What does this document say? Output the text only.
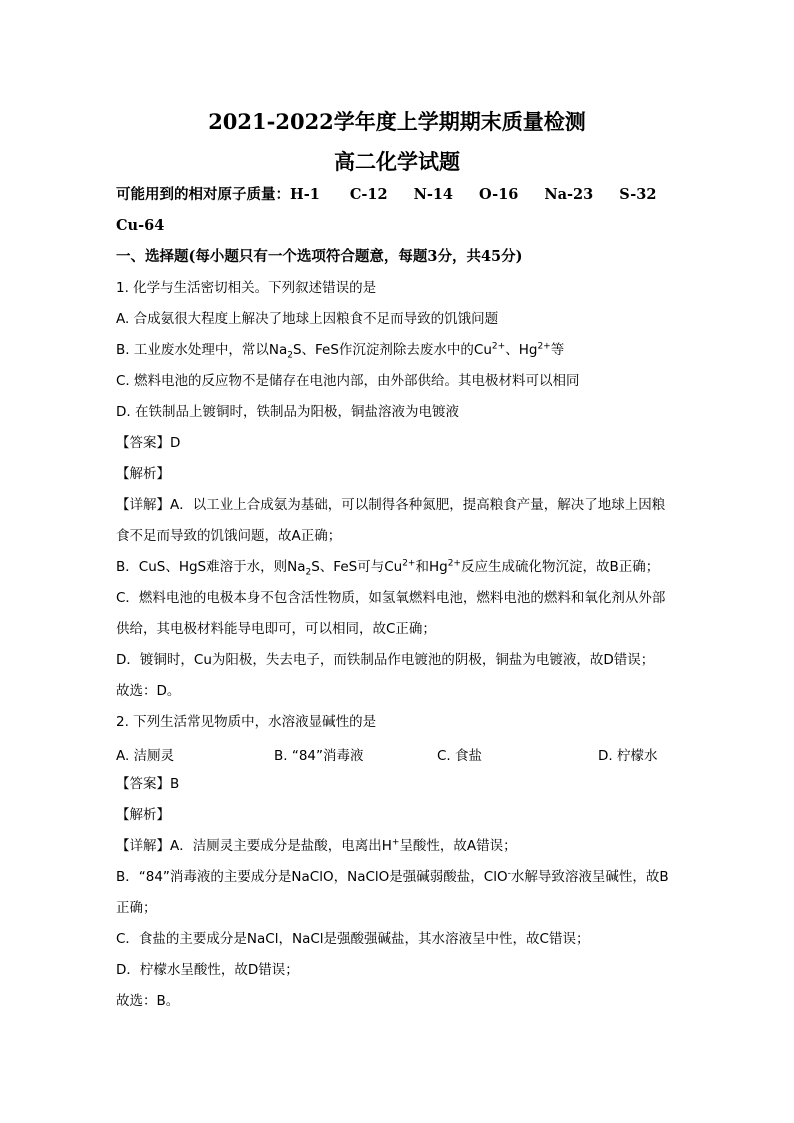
2021-2022学年度上学期期末质量检测
高二化学试题
可能用到的相对原子质量：H-1 C-12 N-14 O-16 Na-23 S-32
Cu-64
一、选择题(每小题只有一个选项符合题意，每题3分，共45分)
1. 化学与生活密切相关。下列叙述错误的是
A. 合成氨很大程度上解决了地球上因粮食不足而导致的饥饿问题
B. 工业废水处理中，常以$Na_2S$、FeS作沉淀剂除去废水中的$Cu^{2+}$、$Hg^{2+}$等
C. 燃料电池的反应物不是储存在电池内部，由外部供给。其电极材料可以相同
D. 在铁制品上镀铜时，铁制品为阳极，铜盐溶液为电镀液
【答案】D
【解析】
【详解】A．以工业上合成氨为基础，可以制得各种氮肥，提高粮食产量，解决了地球上因粮
食不足而导致的饥饿问题，故A正确；
B．CuS、HgS难溶于水，则$Na_2S$、FeS可与$Cu^{2+}$和$Hg^{2+}$反应生成硫化物沉淀，故B正确；
C．燃料电池的电极本身不包含活性物质，如氢氧燃料电池，燃料电池的燃料和氧化剂从外部
供给，其电极材料能导电即可，可以相同，故C正确；
D．镀铜时，Cu为阳极，失去电子，而铁制品作电镀池的阴极，铜盐为电镀液，故D错误；
故选：D。
2. 下列生活常见物质中，水溶液显碱性的是
A. 洁厕灵	B. “84”消毒液	C. 食盐	D. 柠檬水
【答案】B
【解析】
【详解】A．洁厕灵主要成分是盐酸，电离出H+呈酸性，故A错误；
B．“84”消毒液的主要成分是NaClO，NaClO是强碱弱酸盐，ClO-水解导致溶液呈碱性，故B
正确；
C．食盐的主要成分是NaCl，NaCl是强酸强碱盐，其水溶液呈中性，故C错误；
D．柠檬水呈酸性，故D错误；
故选：B。
